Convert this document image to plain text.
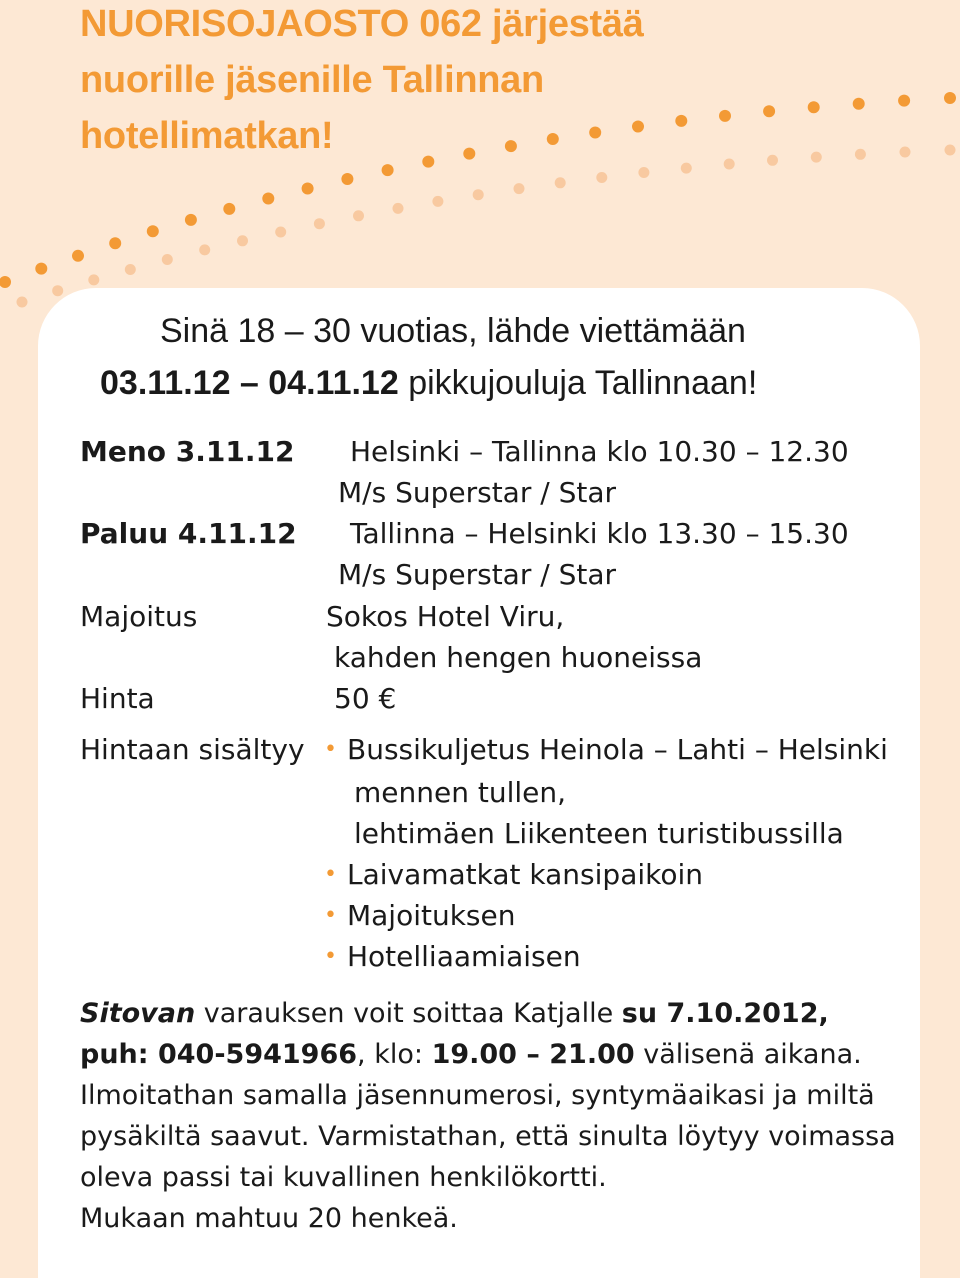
NUORISOJAOSTO 062 järjestää
nuorille jäsenille Tallinnan
hotellimatkan!
Sinä 18 – 30 vuotias, lähde viettämään
03.11.12 – 04.11.12 pikkujouluja Tallinnaan!
Meno 3.11.12 Helsinki – Tallinna klo 10.30 – 12.30
M/s Superstar / Star
Paluu 4.11.12 Tallinna – Helsinki klo 13.30 – 15.30
M/s Superstar / Star
Majoitus	Sokos Hotel Viru,
kahden hengen huoneissa
Hinta	50 €
Hintaan sisältyy • Bussikuljetus Heinola – Lahti – Helsinki
mennen tullen,
lehtimäen Liikenteen turistibussilla
• Laivamatkat kansipaikoin
• Majoituksen
• Hotelliaamiaisen
Sitovan varauksen voit soittaa Katjalle su 7.10.2012,
puh: 040-5941966, klo: 19.00 – 21.00 välisenä aikana.
Ilmoitathan samalla jäsennumerosi, syntymäaikasi ja miltä
pysäkiltä saavut. Varmistathan, että sinulta löytyy voimassa
oleva passi tai kuvallinen henkilökortti.
Mukaan mahtuu 20 henkeä.
